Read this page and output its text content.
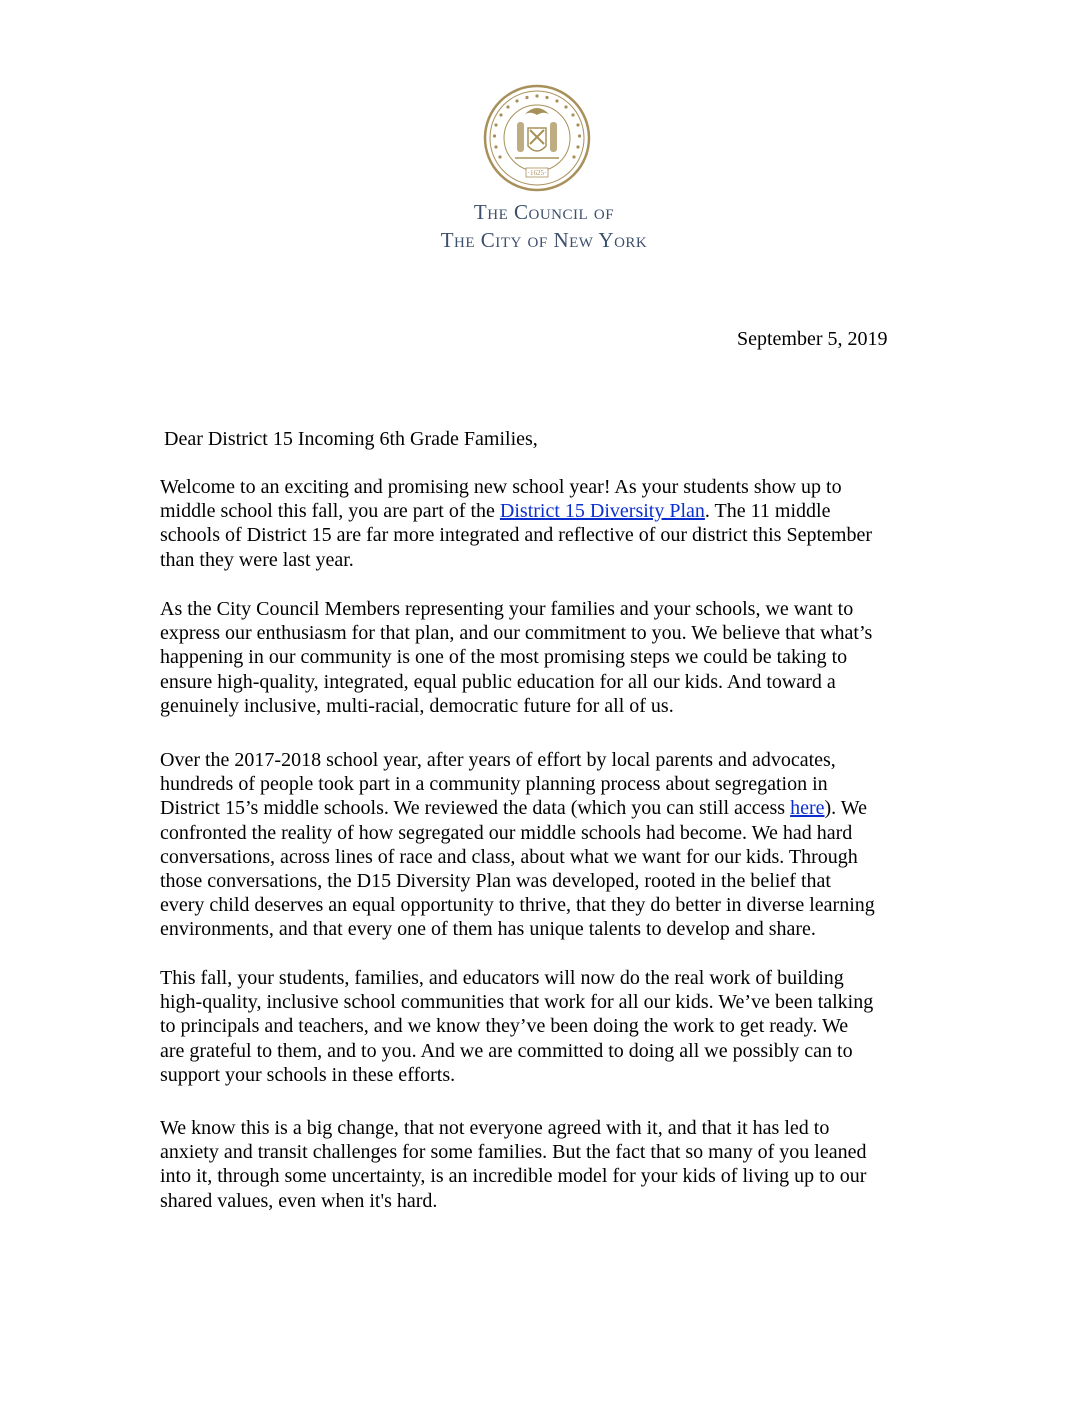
·1625·
The Council of
The City of New York
September 5, 2019
Dear District 15 Incoming 6th Grade Families,
Welcome to an exciting and promising new school year! As your students show up to
middle school this fall, you are part of the District 15 Diversity Plan. The 11 middle
schools of District 15 are far more integrated and reflective of our district this September
than they were last year.
As the City Council Members representing your families and your schools, we want to
express our enthusiasm for that plan, and our commitment to you. We believe that what’s
happening in our community is one of the most promising steps we could be taking to
ensure high-quality, integrated, equal public education for all our kids. And toward a
genuinely inclusive, multi-racial, democratic future for all of us.
Over the 2017-2018 school year, after years of effort by local parents and advocates,
hundreds of people took part in a community planning process about segregation in
District 15’s middle schools. We reviewed the data (which you can still access here). We
confronted the reality of how segregated our middle schools had become. We had hard
conversations, across lines of race and class, about what we want for our kids. Through
those conversations, the D15 Diversity Plan was developed, rooted in the belief that
every child deserves an equal opportunity to thrive, that they do better in diverse learning
environments, and that every one of them has unique talents to develop and share.
This fall, your students, families, and educators will now do the real work of building
high-quality, inclusive school communities that work for all our kids. We’ve been talking
to principals and teachers, and we know they’ve been doing the work to get ready. We
are grateful to them, and to you. And we are committed to doing all we possibly can to
support your schools in these efforts.
We know this is a big change, that not everyone agreed with it, and that it has led to
anxiety and transit challenges for some families. But the fact that so many of you leaned
into it, through some uncertainty, is an incredible model for your kids of living up to our
shared values, even when it's hard.
